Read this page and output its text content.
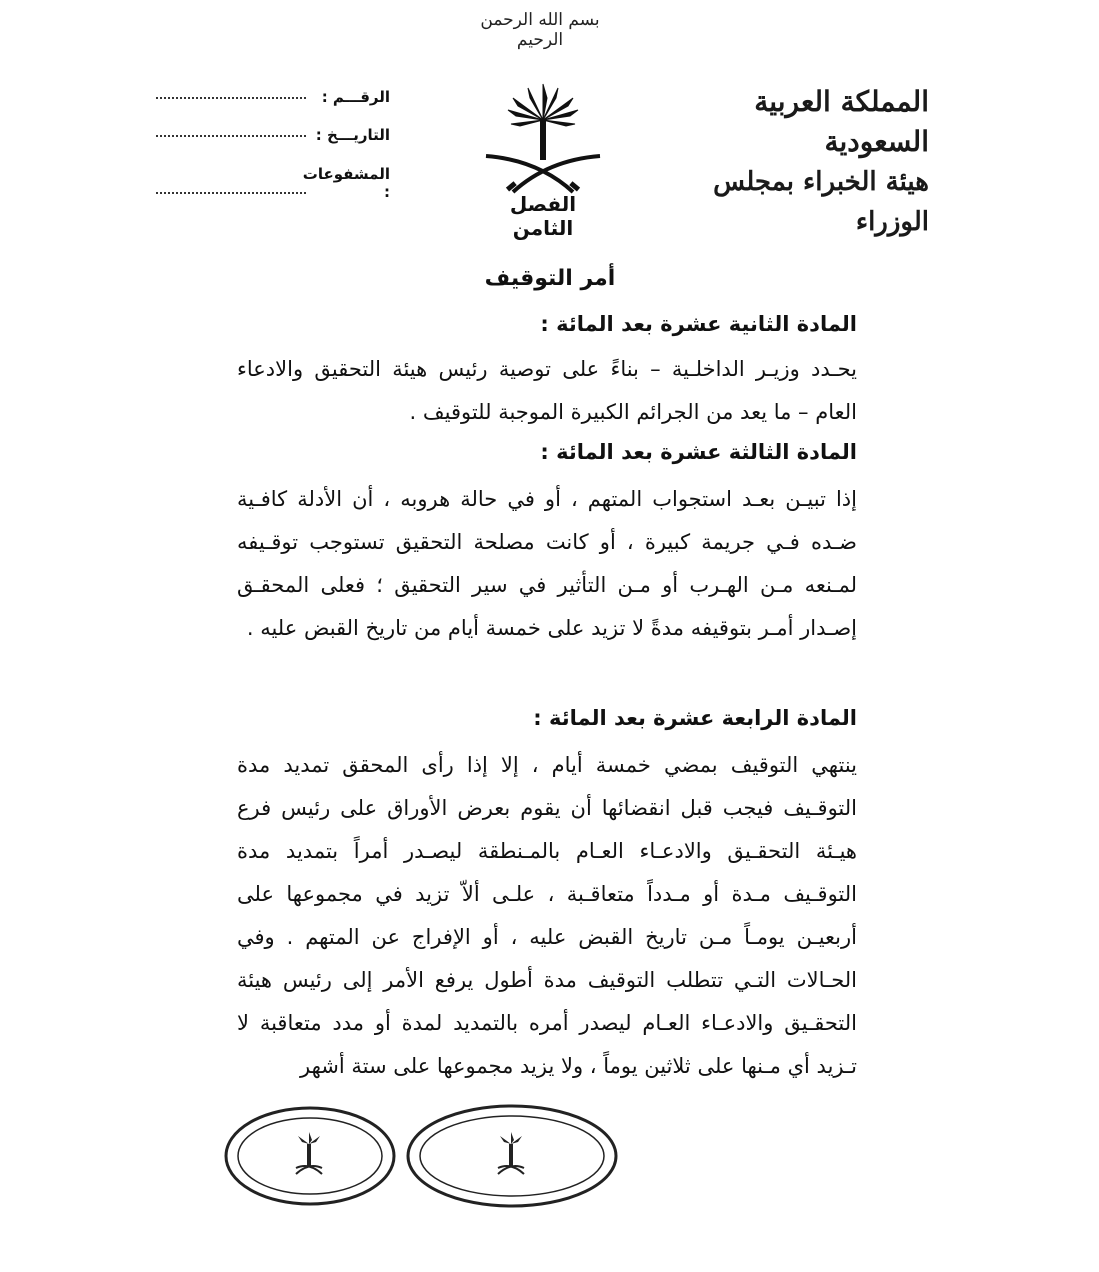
بسم الله الرحمن الرحيم
المملكة العربية السعودية
هيئة الخبراء بمجلس الوزراء
الفصل الثامن
الرقـــم :
التاريـــخ :
المشفوعات :
أمر التوقيف
المادة الثانية عشرة بعد المائة :

يحـدد وزيـر الداخلـية – بناءً على توصية رئيس هيئة التحقيق والادعاء العام – ما يعد من الجرائم الكبيرة الموجبة للتوقيف .

المادة الثالثة عشرة بعد المائة :

إذا تبيـن بعـد استجواب المتهم ، أو في حالة هروبه ، أن الأدلة كافـية ضـده فـي جريمة كبيرة ، أو كانت مصلحة التحقيق تستوجب توقـيفه لمـنعه مـن الهـرب أو مـن التأثير في سير التحقيق ؛ فعلى المحقـق إصـدار أمـر بتوقيفه مدةً لا تزيد على خمسة أيام من تاريخ القبض عليه .

المادة الرابعة عشرة بعد المائة :

ينتهي التوقيف بمضي خمسة أيام ، إلا إذا رأى المحقق تمديد مدة التوقـيف فيجب قبل انقضائها أن يقوم بعرض الأوراق على رئيس فرع هيـئة التحقـيق والادعـاء العـام بالمـنطقة ليصـدر أمراً بتمديد مدة التوقـيف مـدة أو مـدداً متعاقـبة ، علـى ألاّ تزيد في مجموعها على أربعيـن يومـاً مـن تاريخ القبض عليه ، أو الإفراج عن المتهم . وفي الحـالات التـي تتطلب التوقيف مدة أطول يرفع الأمر إلى رئيس هيئة التحقـيق والادعـاء العـام ليصدر أمره بالتمديد لمدة أو مدد متعاقبة لا تـزيد أي مـنها على ثلاثين يوماً ، ولا يزيد مجموعها على ستة أشهر
